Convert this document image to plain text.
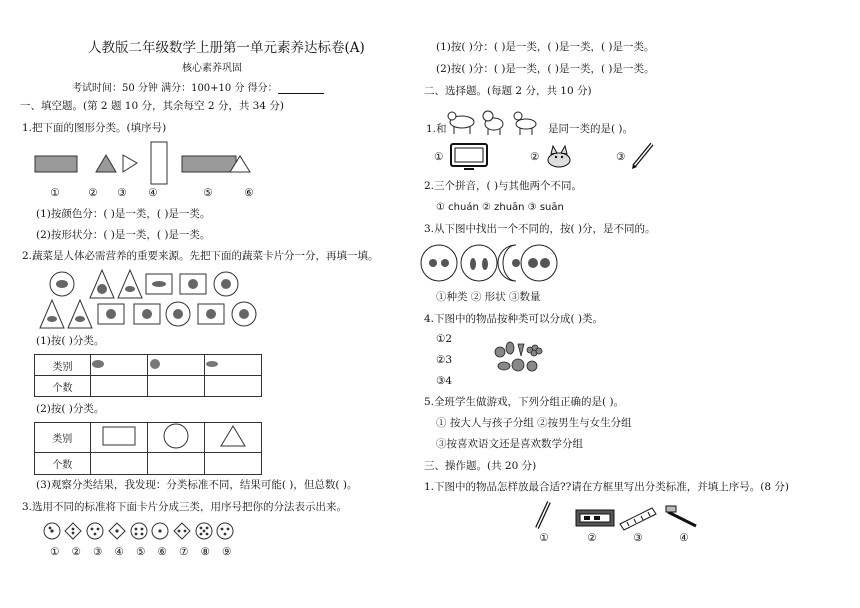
人教版二年级数学上册第一单元素养达标卷(A)
核心素养巩固
考试时间：50 分钟 满分：100+10 分 得分：
一、填空题。(第 2 题 10 分，其余每空 2 分，共 34 分)
1.把下面的图形分类。(填序号)
①	②	③	④	⑤	⑥
(1)按颜色分：( )是一类，( )是一类。
(2)按形状分：( )是一类，( )是一类。
2.蔬菜是人体必需营养的重要来源。先把下面的蔬菜卡片分一分，再填一填。
(1)按( )分类。
类别			
个数			
(2)按( )分类。
类别			
个数			
(3)观察分类结果，我发现：分类标准不同，结果可能( )，但总数( )。
3.选用不同的标准将下面卡片分成三类，用序号把你的分法表示出来。
①	②	③	④	⑤	⑥	⑦	⑧	⑨
(1)按( )分：( )是一类，( )是一类，( )是一类。
(2)按( )分：( )是一类，( )是一类，( )是一类。
二、选择题。(每题 2 分，共 10 分)
1.和	是同一类的是( )。
①	②	③
2.三个拼音，( )与其他两个不同。
① chuán ② zhuān ③ suān
3.从下图中找出一个不同的，按( )分，是不同的。
①种类 ② 形状 ③数量
4.下图中的物品按种类可以分成( )类。
①2
②3
③4
5.全班学生做游戏，下列分组正确的是( )。
① 按大人与孩子分组 ②按男生与女生分组
③按喜欢语文还是喜欢数学分组
三、操作题。(共 20 分)
1.下图中的物品怎样放最合适??请在方框里写出分类标准，并填上序号。(8 分)
①	②	③	④
